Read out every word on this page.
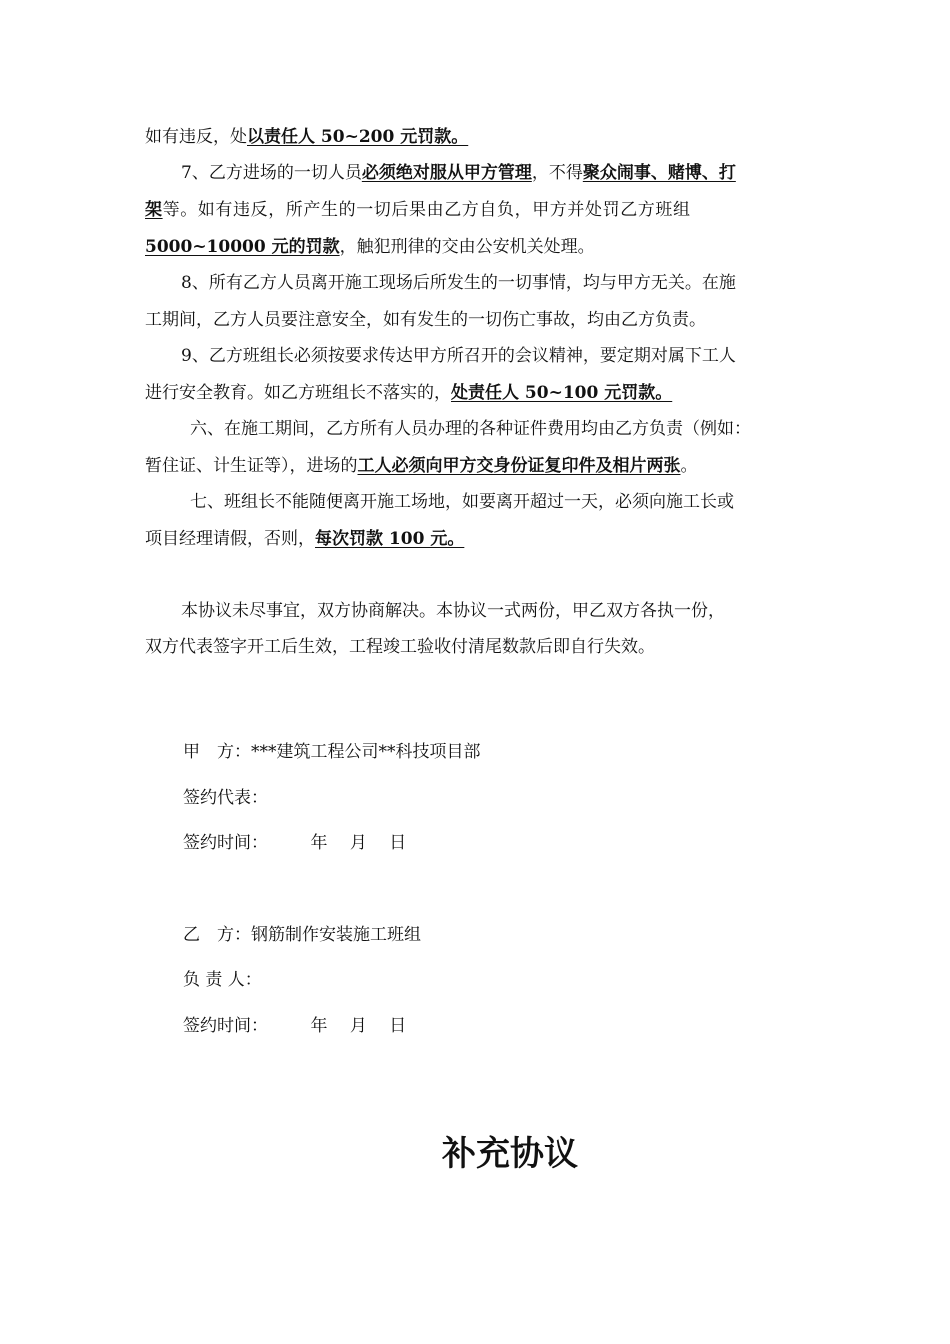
如有违反，处以责任人 50~200 元罚款。
7、乙方进场的一切人员必须绝对服从甲方管理，不得聚众闹事、赌博、打
架等。如有违反，所产生的一切后果由乙方自负，甲方并处罚乙方班组
5000~10000 元的罚款，触犯刑律的交由公安机关处理。
8、所有乙方人员离开施工现场后所发生的一切事情，均与甲方无关。在施
工期间，乙方人员要注意安全，如有发生的一切伤亡事故，均由乙方负责。
9、乙方班组长必须按要求传达甲方所召开的会议精神，要定期对属下工人
进行安全教育。如乙方班组长不落实的，处责任人 50~100 元罚款。
六、在施工期间，乙方所有人员办理的各种证件费用均由乙方负责（例如：
暂住证、计生证等），进场的工人必须向甲方交身份证复印件及相片两张。
七、班组长不能随便离开施工场地，如要离开超过一天，必须向施工长或
项目经理请假，否则，每次罚款 100 元。
本协议未尽事宜，双方协商解决。本协议一式两份，甲乙双方各执一份，
双方代表签字开工后生效，工程竣工验收付清尾数款后即自行失效。
甲　方：***建筑工程公司**科技项目部
签约代表：
签约时间：　　　年　 月　 日
乙　方：钢筋制作安装施工班组
负 责 人：
签约时间：　　　年　 月　 日
补充协议
